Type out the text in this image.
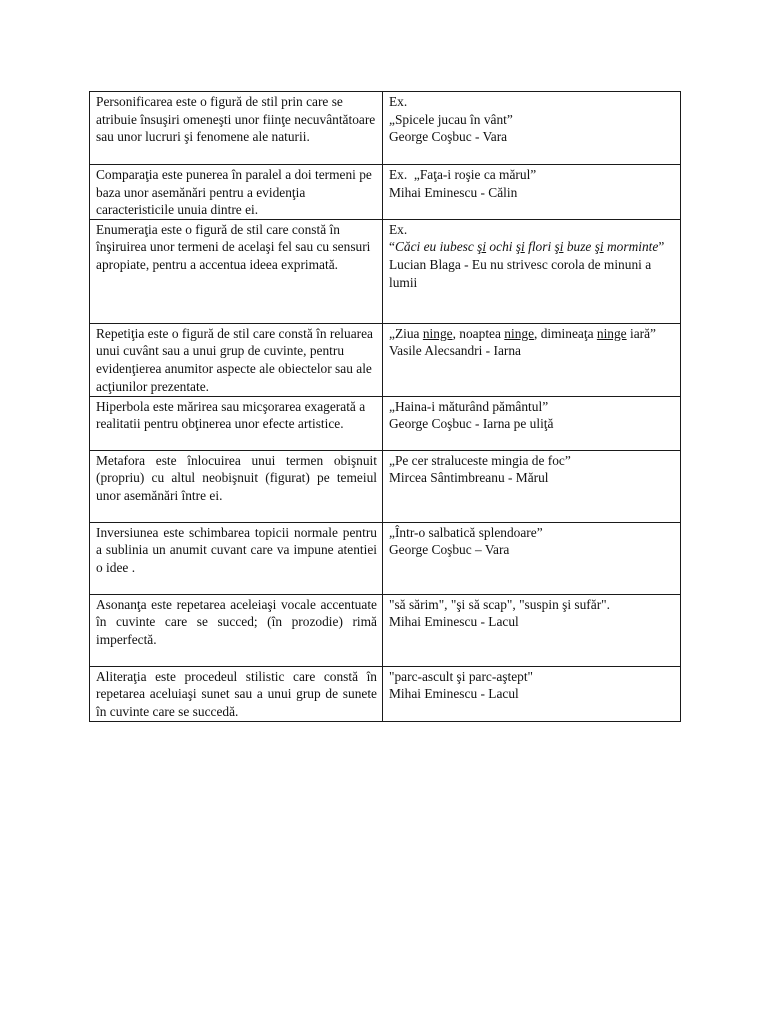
Personificarea este o figură de stil prin care se atribuie însuşiri omeneşti unor fiinţe necuvântătoare sau unor lucruri şi fenomene ale naturii.	Ex.
„Spicele jucau în vânt”
George Coşbuc - Vara

Comparaţia este punerea în paralel a doi termeni pe baza unor asemănări pentru a evidenţia caracteristicile unuia dintre ei.	Ex.  „Faţa-i roşie ca mărul”
Mihai Eminescu - Călin

Enumeraţia este o figură de stil care constă în înşiruirea unor termeni de acelaşi fel sau cu sensuri apropiate, pentru a accentua ideea exprimată.	Ex.
“Căci eu iubesc şi ochi şi flori şi buze şi morminte”
Lucian Blaga - Eu nu strivesc corola de minuni a lumii

Repetiţia este o figură de stil care constă în reluarea unui cuvânt sau a unui grup de cuvinte, pentru evidenţierea anumitor aspecte ale obiectelor sau ale acţiunilor prezentate.	„Ziua ninge, noaptea ninge, dimineaţa ninge iară”
Vasile Alecsandri - Iarna

Hiperbola este mărirea sau micşorarea exagerată a realitatii pentru obţinerea unor efecte artistice.	„Haina-i măturând pământul”
George Coşbuc - Iarna pe uliţă

Metafora este înlocuirea unui termen obişnuit (propriu) cu altul neobişnuit (figurat) pe temeiul unor asemănări între ei.	„Pe cer straluceste mingia de foc”
Mircea Sântimbreanu - Mărul

Inversiunea este schimbarea topicii normale pentru a sublinia un anumit cuvant care va impune atentiei o idee .	„Într-o salbatică splendoare”
George Coşbuc – Vara

Asonanţa este repetarea aceleiaşi vocale accentuate în cuvinte care se succed; (în prozodie) rimă imperfectă.	"să sărim", "şi să scap", "suspin şi sufăr".
Mihai Eminescu - Lacul

Aliteraţia este procedeul stilistic care constă în repetarea aceluiaşi sunet sau a unui grup de sunete în cuvinte care se succedă.	"parc-ascult şi parc-aştept"
Mihai Eminescu - Lacul
